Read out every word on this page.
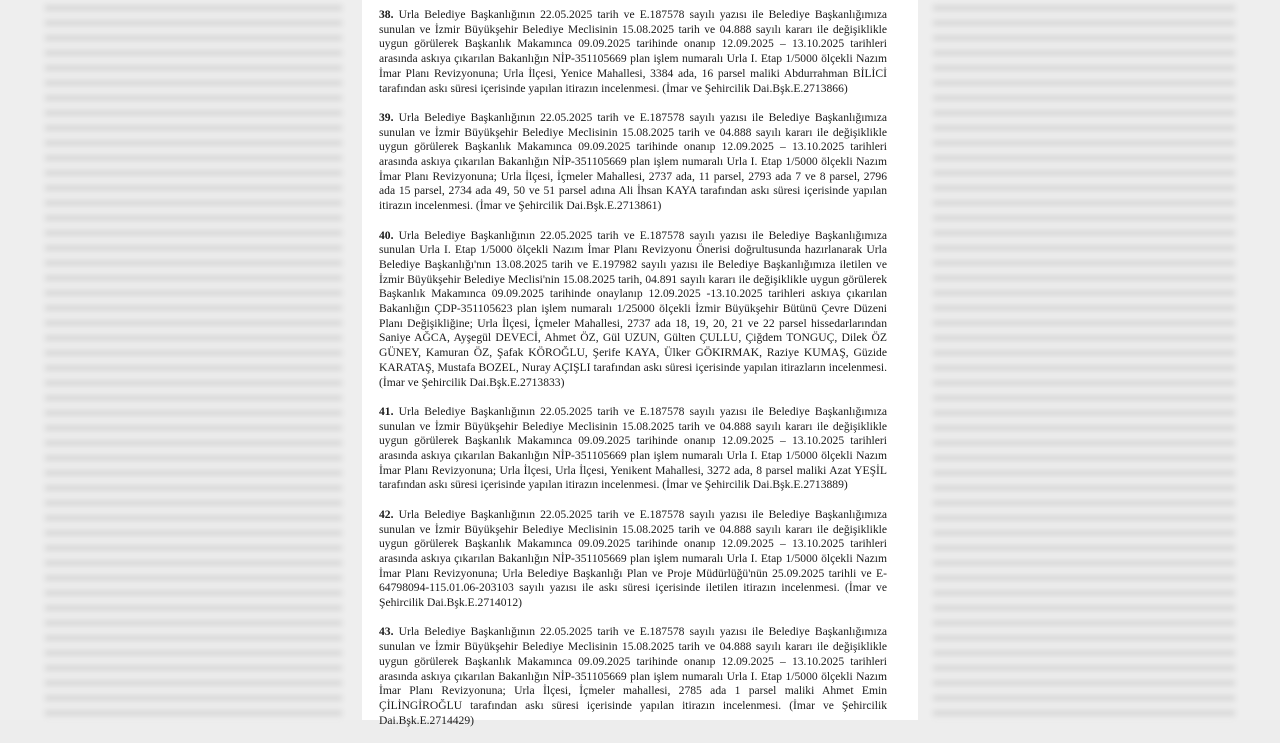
38. Urla Belediye Başkanlığının 22.05.2025 tarih ve E.187578 sayılı yazısı ile Belediye Başkanlığımıza sunulan ve İzmir Büyükşehir Belediye Meclisinin 15.08.2025 tarih ve 04.888 sayılı kararı ile değişiklikle uygun görülerek Başkanlık Makamınca 09.09.2025 tarihinde onanıp 12.09.2025 – 13.10.2025 tarihleri arasında askıya çıkarılan Bakanlığın NİP-351105669 plan işlem numaralı Urla I. Etap 1/5000 ölçekli Nazım İmar Planı Revizyonuna; Urla İlçesi, Yenice Mahallesi, 3384 ada, 16 parsel maliki Abdurrahman BİLİCİ tarafından askı süresi içerisinde yapılan itirazın incelenmesi. (İmar ve Şehircilik Dai.Bşk.E.2713866)

39. Urla Belediye Başkanlığının 22.05.2025 tarih ve E.187578 sayılı yazısı ile Belediye Başkanlığımıza sunulan ve İzmir Büyükşehir Belediye Meclisinin 15.08.2025 tarih ve 04.888 sayılı kararı ile değişiklikle uygun görülerek Başkanlık Makamınca 09.09.2025 tarihinde onanıp 12.09.2025 – 13.10.2025 tarihleri arasında askıya çıkarılan Bakanlığın NİP-351105669 plan işlem numaralı Urla I. Etap 1/5000 ölçekli Nazım İmar Planı Revizyonuna; Urla İlçesi, İçmeler Mahallesi, 2737 ada, 11 parsel, 2793 ada 7 ve 8 parsel, 2796 ada 15 parsel, 2734 ada 49, 50 ve 51 parsel adına Ali İhsan KAYA tarafından askı süresi içerisinde yapılan itirazın incelenmesi. (İmar ve Şehircilik Dai.Bşk.E.2713861)

40. Urla Belediye Başkanlığının 22.05.2025 tarih ve E.187578 sayılı yazısı ile Belediye Başkanlığımıza sunulan Urla I. Etap 1/5000 ölçekli Nazım İmar Planı Revizyonu Önerisi doğrultusunda hazırlanarak Urla Belediye Başkanlığı'nın 13.08.2025 tarih ve E.197982 sayılı yazısı ile Belediye Başkanlığımıza iletilen ve İzmir Büyükşehir Belediye Meclisi'nin 15.08.2025 tarih, 04.891 sayılı kararı ile değişiklikle uygun görülerek Başkanlık Makamınca 09.09.2025 tarihinde onaylanıp 12.09.2025 -13.10.2025 tarihleri askıya çıkarılan Bakanlığın ÇDP-351105623 plan işlem numaralı 1/25000 ölçekli İzmir Büyükşehir Bütünü Çevre Düzeni Planı Değişikliğine; Urla İlçesi, İçmeler Mahallesi, 2737 ada 18, 19, 20, 21 ve 22 parsel hissedarlarından Saniye AĞCA, Ayşegül DEVECİ, Ahmet ÖZ, Gül UZUN, Gülten ÇULLU, Çiğdem TONGUÇ, Dilek ÖZ GÜNEY, Kamuran ÖZ, Şafak KÖROĞLU, Şerife KAYA, Ülker GÖKIRMAK, Raziye KUMAŞ, Güzide KARATAŞ, Mustafa BOZEL, Nuray AÇIŞLI tarafından askı süresi içerisinde yapılan itirazların incelenmesi. (İmar ve Şehircilik Dai.Bşk.E.2713833)

41. Urla Belediye Başkanlığının 22.05.2025 tarih ve E.187578 sayılı yazısı ile Belediye Başkanlığımıza sunulan ve İzmir Büyükşehir Belediye Meclisinin 15.08.2025 tarih ve 04.888 sayılı kararı ile değişiklikle uygun görülerek Başkanlık Makamınca 09.09.2025 tarihinde onanıp 12.09.2025 – 13.10.2025 tarihleri arasında askıya çıkarılan Bakanlığın NİP-351105669 plan işlem numaralı Urla I. Etap 1/5000 ölçekli Nazım İmar Planı Revizyonuna; Urla İlçesi, Urla İlçesi, Yenikent Mahallesi, 3272 ada, 8 parsel maliki Azat YEŞİL tarafından askı süresi içerisinde yapılan itirazın incelenmesi. (İmar ve Şehircilik Dai.Bşk.E.2713889)

42. Urla Belediye Başkanlığının 22.05.2025 tarih ve E.187578 sayılı yazısı ile Belediye Başkanlığımıza sunulan ve İzmir Büyükşehir Belediye Meclisinin 15.08.2025 tarih ve 04.888 sayılı kararı ile değişiklikle uygun görülerek Başkanlık Makamınca 09.09.2025 tarihinde onanıp 12.09.2025 – 13.10.2025 tarihleri arasında askıya çıkarılan Bakanlığın NİP-351105669 plan işlem numaralı Urla I. Etap 1/5000 ölçekli Nazım İmar Planı Revizyonuna; Urla Belediye Başkanlığı Plan ve Proje Müdürlüğü'nün 25.09.2025 tarihli ve E-64798094-115.01.06-203103 sayılı yazısı ile askı süresi içerisinde iletilen itirazın incelenmesi. (İmar ve Şehircilik Dai.Bşk.E.2714012)

43. Urla Belediye Başkanlığının 22.05.2025 tarih ve E.187578 sayılı yazısı ile Belediye Başkanlığımıza sunulan ve İzmir Büyükşehir Belediye Meclisinin 15.08.2025 tarih ve 04.888 sayılı kararı ile değişiklikle uygun görülerek Başkanlık Makamınca 09.09.2025 tarihinde onanıp 12.09.2025 – 13.10.2025 tarihleri arasında askıya çıkarılan Bakanlığın NİP-351105669 plan işlem numaralı Urla I. Etap 1/5000 ölçekli Nazım İmar Planı Revizyonuna; Urla İlçesi, İçmeler mahallesi, 2785 ada 1 parsel maliki Ahmet Emin ÇİLİNGİROĞLU tarafından askı süresi içerisinde yapılan itirazın incelenmesi. (İmar ve Şehircilik Dai.Bşk.E.2714429)
